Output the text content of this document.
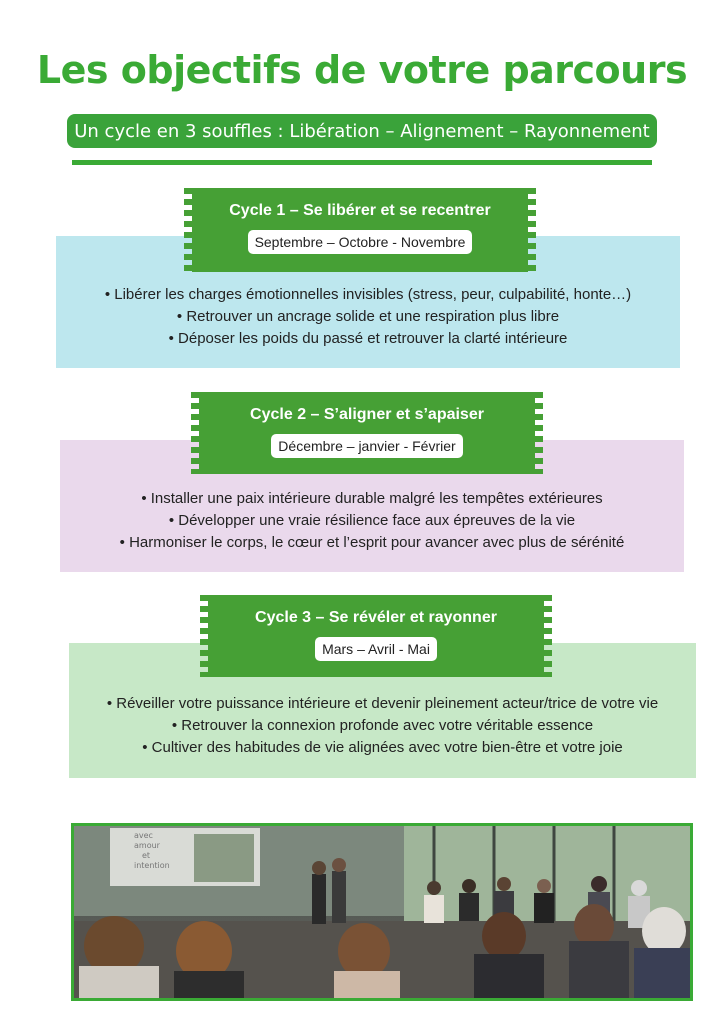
Les objectifs de votre parcours
Un cycle en 3 souffles : Libération – Alignement – Rayonnement
• Libérer les charges émotionnelles invisibles (stress, peur, culpabilité, honte…)
• Retrouver un ancrage solide et une respiration plus libre
• Déposer les poids du passé et retrouver la clarté intérieure
Cycle 1 – Se libérer et se recentrer
Septembre – Octobre - Novembre
• Installer une paix intérieure durable malgré les tempêtes extérieures
• Développer une vraie résilience face aux épreuves de la vie
• Harmoniser le corps, le cœur et l’esprit pour avancer avec plus de sérénité
Cycle 2 – S’aligner et s’apaiser
Décembre – janvier - Février
• Réveiller votre puissance intérieure et devenir pleinement acteur/trice de votre vie
• Retrouver la connexion profonde avec votre véritable essence
• Cultiver des habitudes de vie alignées avec votre bien-être et votre joie
Cycle 3 – Se révéler et rayonner
Mars – Avril - Mai
avec
amour
et
intention
